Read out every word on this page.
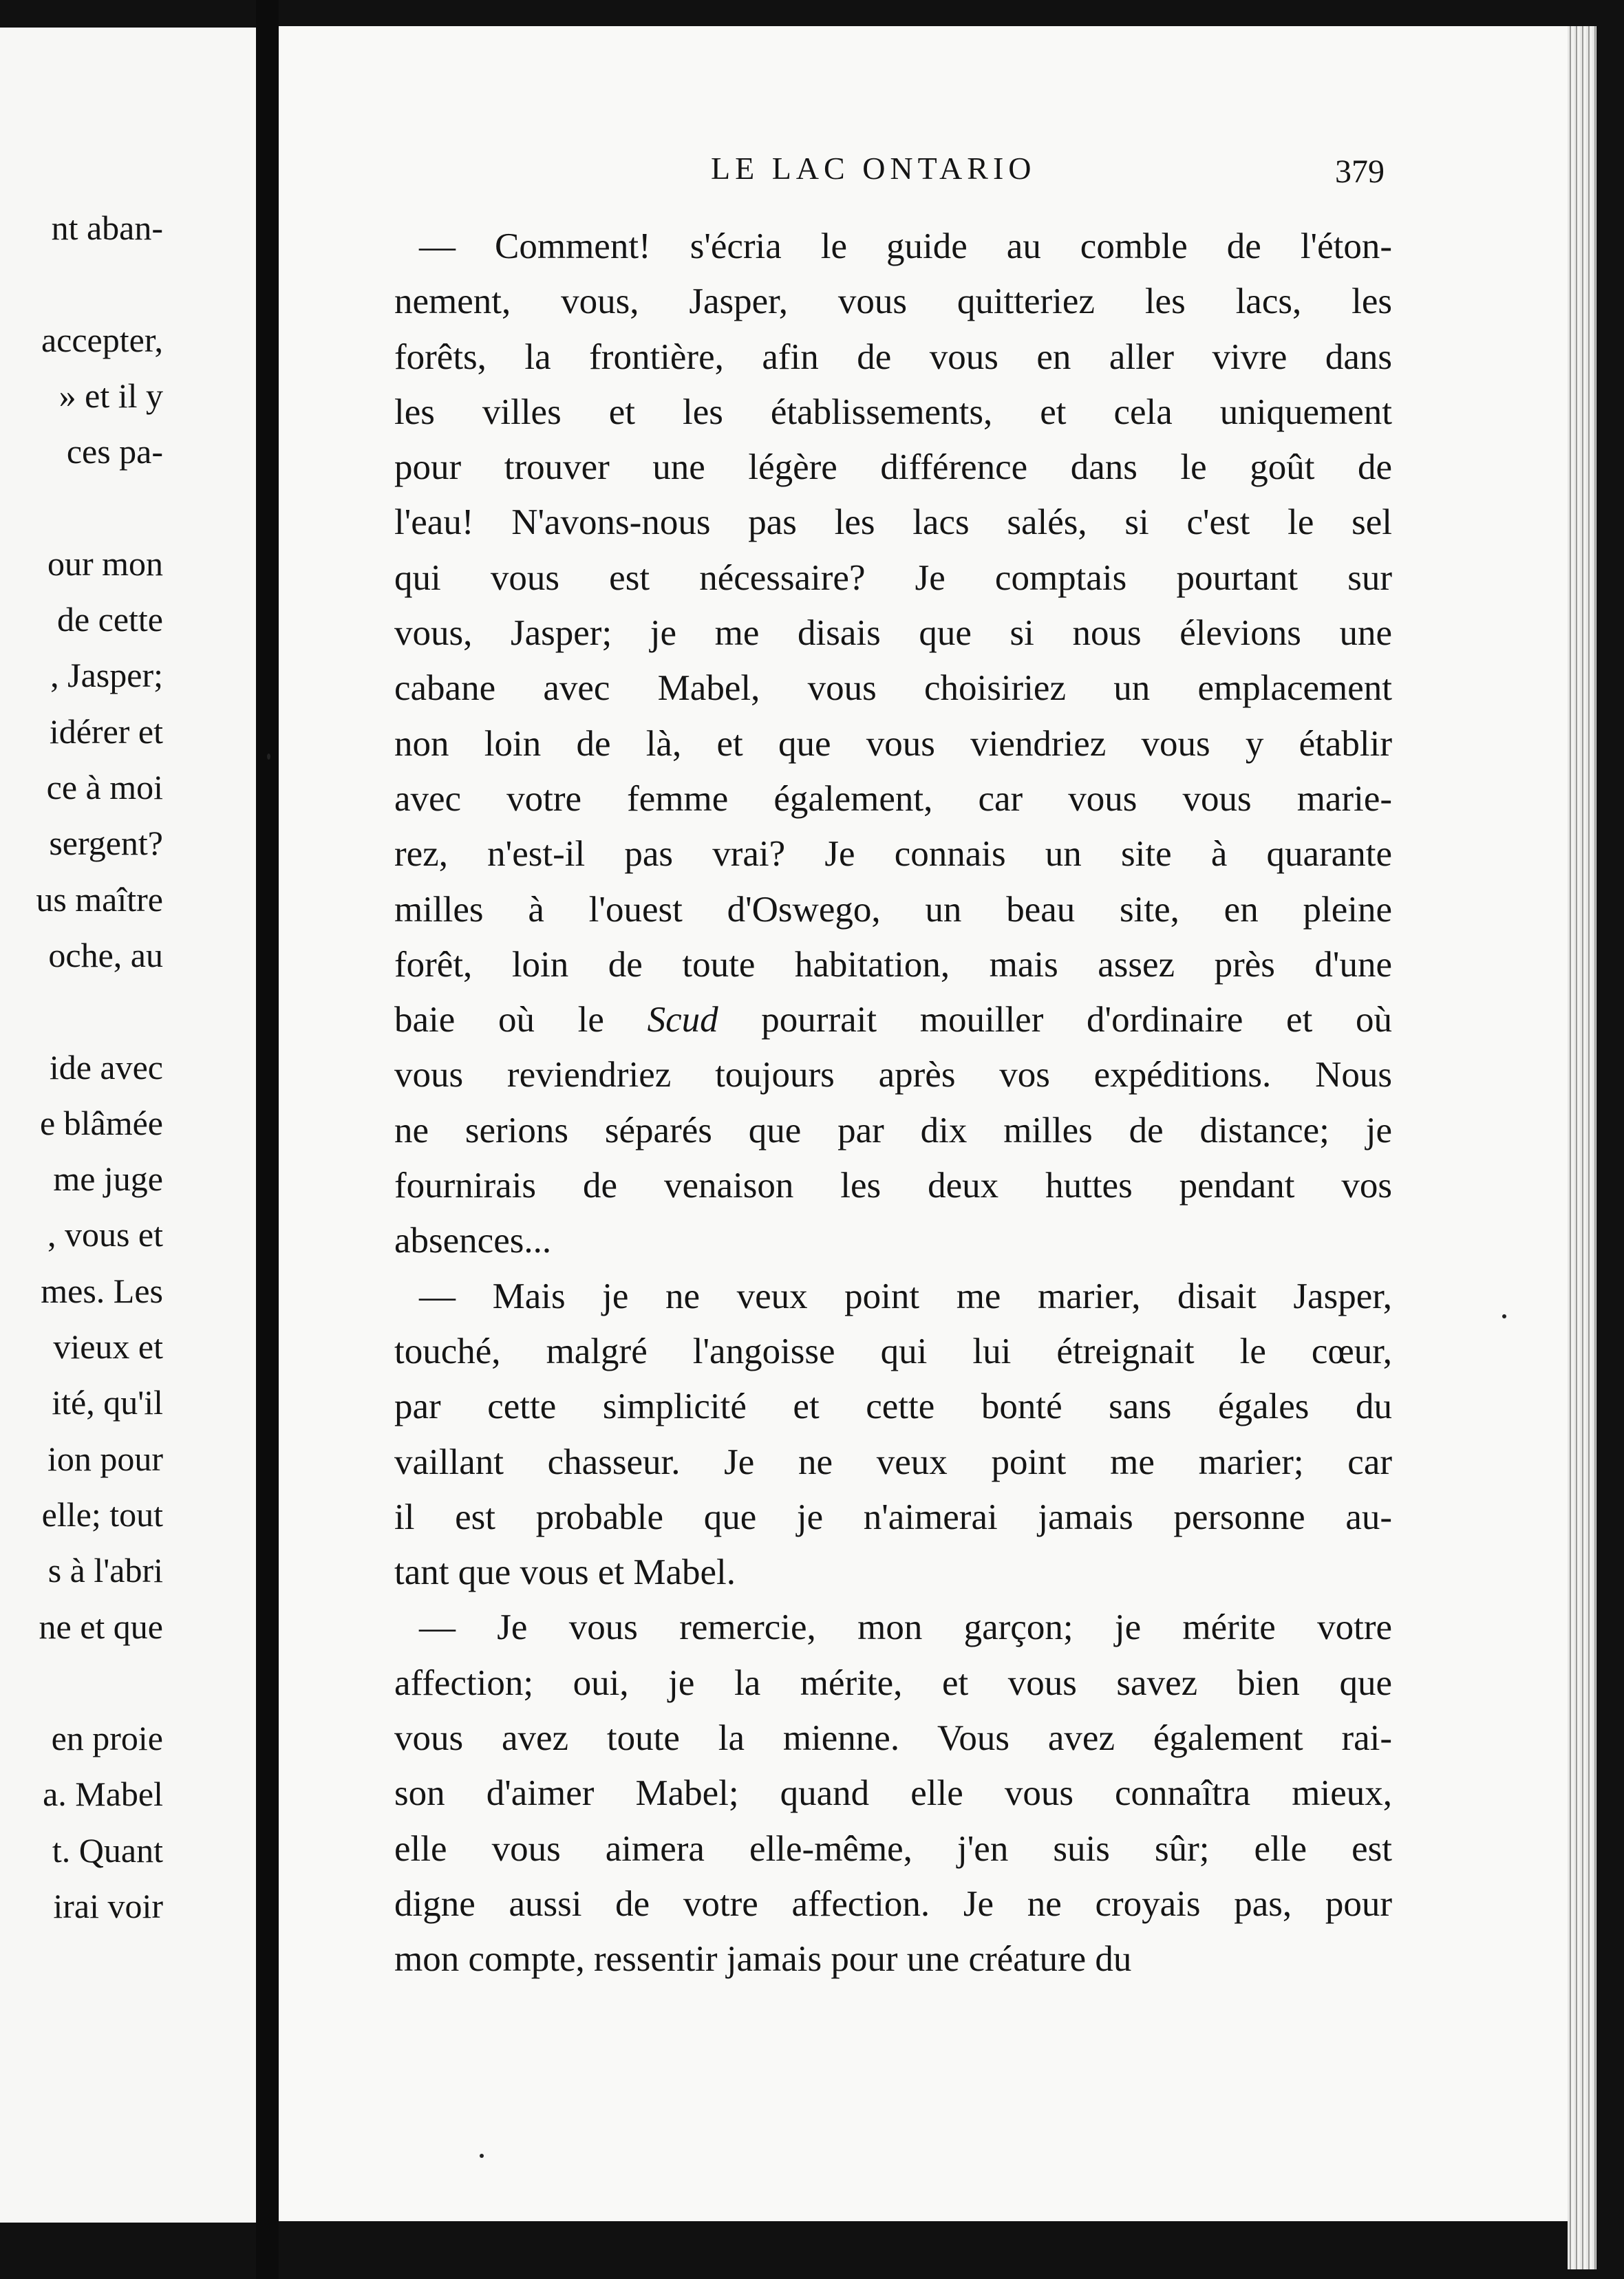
nt aban-
accepter,
» et il y
ces pa-
our mon
de cette
, Jasper;
idérer et
ce à moi
sergent?
us maître
oche, au
ide avec
e blâmée
me juge
, vous et
mes. Les
vieux et
ité, qu'il
ion pour
elle; tout
s à l'abri
ne et que
en proie
a. Mabel
t. Quant
irai voir
LE LAC ONTARIO	379
— Comment! s'écria le guide au comble de l'éton-
nement, vous, Jasper, vous quitteriez les lacs, les
forêts, la frontière, afin de vous en aller vivre dans
les villes et les établissements, et cela uniquement
pour trouver une légère différence dans le goût de
l'eau! N'avons-nous pas les lacs salés, si c'est le sel
qui vous est nécessaire? Je comptais pourtant sur
vous, Jasper; je me disais que si nous élevions une
cabane avec Mabel, vous choisiriez un emplacement
non loin de là, et que vous viendriez vous y établir
avec votre femme également, car vous vous marie-
rez, n'est-il pas vrai? Je connais un site à quarante
milles à l'ouest d'Oswego, un beau site, en pleine
forêt, loin de toute habitation, mais assez près d'une
baie où le Scud pourrait mouiller d'ordinaire et où
vous reviendriez toujours après vos expéditions. Nous
ne serions séparés que par dix milles de distance; je
fournirais de venaison les deux huttes pendant vos
absences...
— Mais je ne veux point me marier, disait Jasper,
touché, malgré l'angoisse qui lui étreignait le cœur,
par cette simplicité et cette bonté sans égales du
vaillant chasseur. Je ne veux point me marier; car
il est probable que je n'aimerai jamais personne au-
tant que vous et Mabel.
— Je vous remercie, mon garçon; je mérite votre
affection; oui, je la mérite, et vous savez bien que
vous avez toute la mienne. Vous avez également rai-
son d'aimer Mabel; quand elle vous connaîtra mieux,
elle vous aimera elle-même, j'en suis sûr; elle est
digne aussi de votre affection. Je ne croyais pas, pour
mon compte, ressentir jamais pour une créature du
